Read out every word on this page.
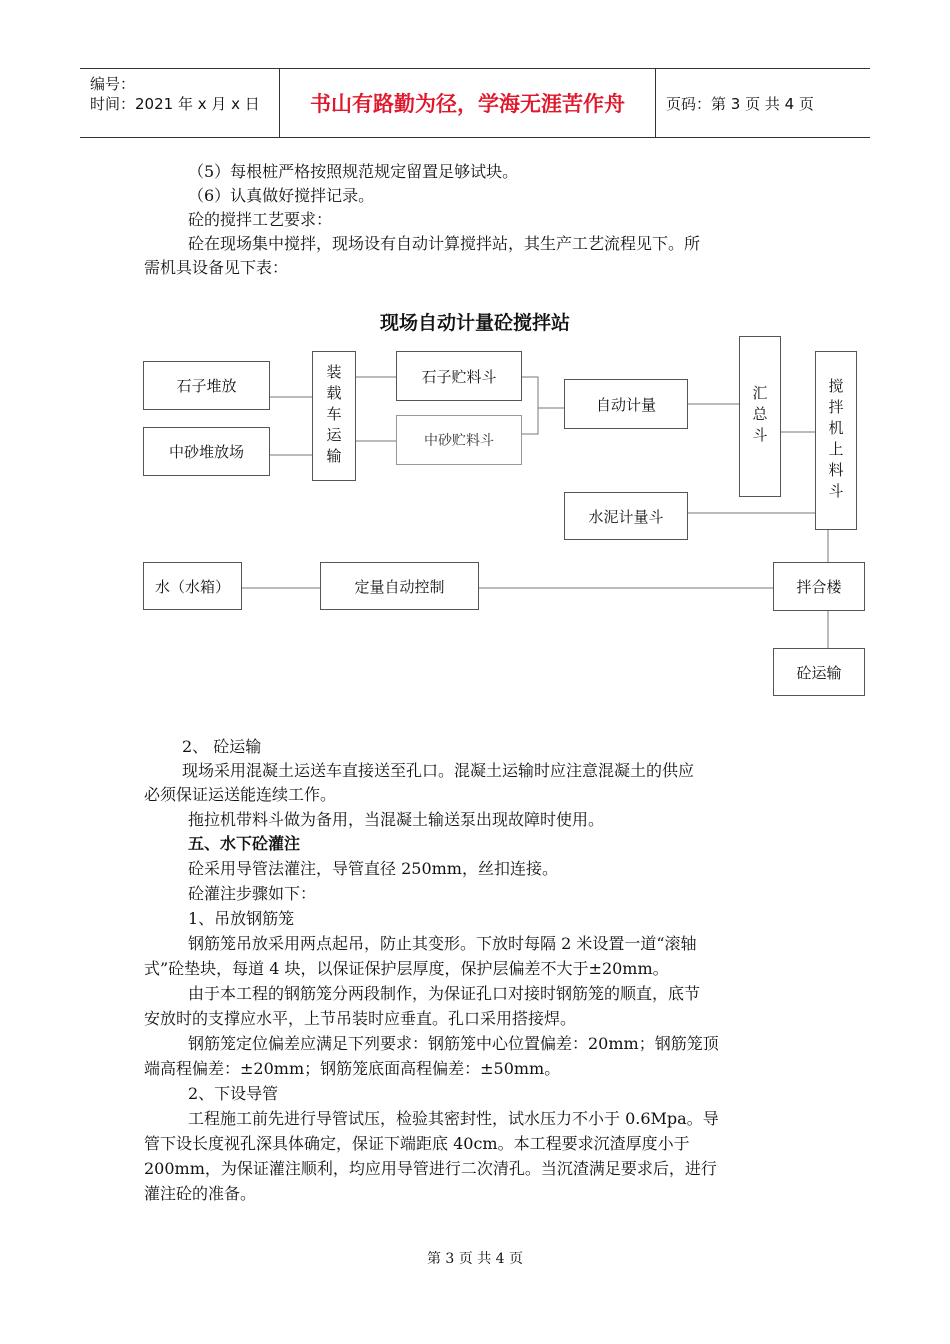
编号：
时间：2021 年 x 月 x 日	书山有路勤为径，学海无涯苦作舟	页码：第 3 页 共 4 页
（5）每根桩严格按照规范规定留置足够试块。
（6）认真做好搅拌记录。
砼的搅拌工艺要求：
砼在现场集中搅拌，现场设有自动计算搅拌站，其生产工艺流程见下。所
需机具设备见下表：
现场自动计量砼搅拌站
石子堆放
中砂堆放场	装载车运输	石子贮料斗
中砂贮料斗
自动计量	汇总斗	搅拌机上料斗
水泥计量斗
水（水箱）	定量自动控制	拌合楼
砼运输
2、 砼运输
现场采用混凝土运送车直接送至孔口。混凝土运输时应注意混凝土的供应
必须保证运送能连续工作。
拖拉机带料斗做为备用，当混凝土输送泵出现故障时使用。
五、水下砼灌注
砼采用导管法灌注，导管直径 250mm，丝扣连接。
砼灌注步骤如下：
1、吊放钢筋笼
钢筋笼吊放采用两点起吊，防止其变形。下放时每隔 2 米设置一道“滚轴
式”砼垫块，每道 4 块，以保证保护层厚度，保护层偏差不大于±20mm。
由于本工程的钢筋笼分两段制作，为保证孔口对接时钢筋笼的顺直，底节
安放时的支撑应水平，上节吊装时应垂直。孔口采用搭接焊。
钢筋笼定位偏差应满足下列要求：钢筋笼中心位置偏差：20mm；钢筋笼顶
端高程偏差：±20mm；钢筋笼底面高程偏差：±50mm。
2、下设导管
工程施工前先进行导管试压，检验其密封性，试水压力不小于 0.6Mpa。导
管下设长度视孔深具体确定，保证下端距底 40cm。本工程要求沉渣厚度小于
200mm，为保证灌注顺利，均应用导管进行二次清孔。当沉渣满足要求后，进行
灌注砼的准备。
第 3 页 共 4 页
